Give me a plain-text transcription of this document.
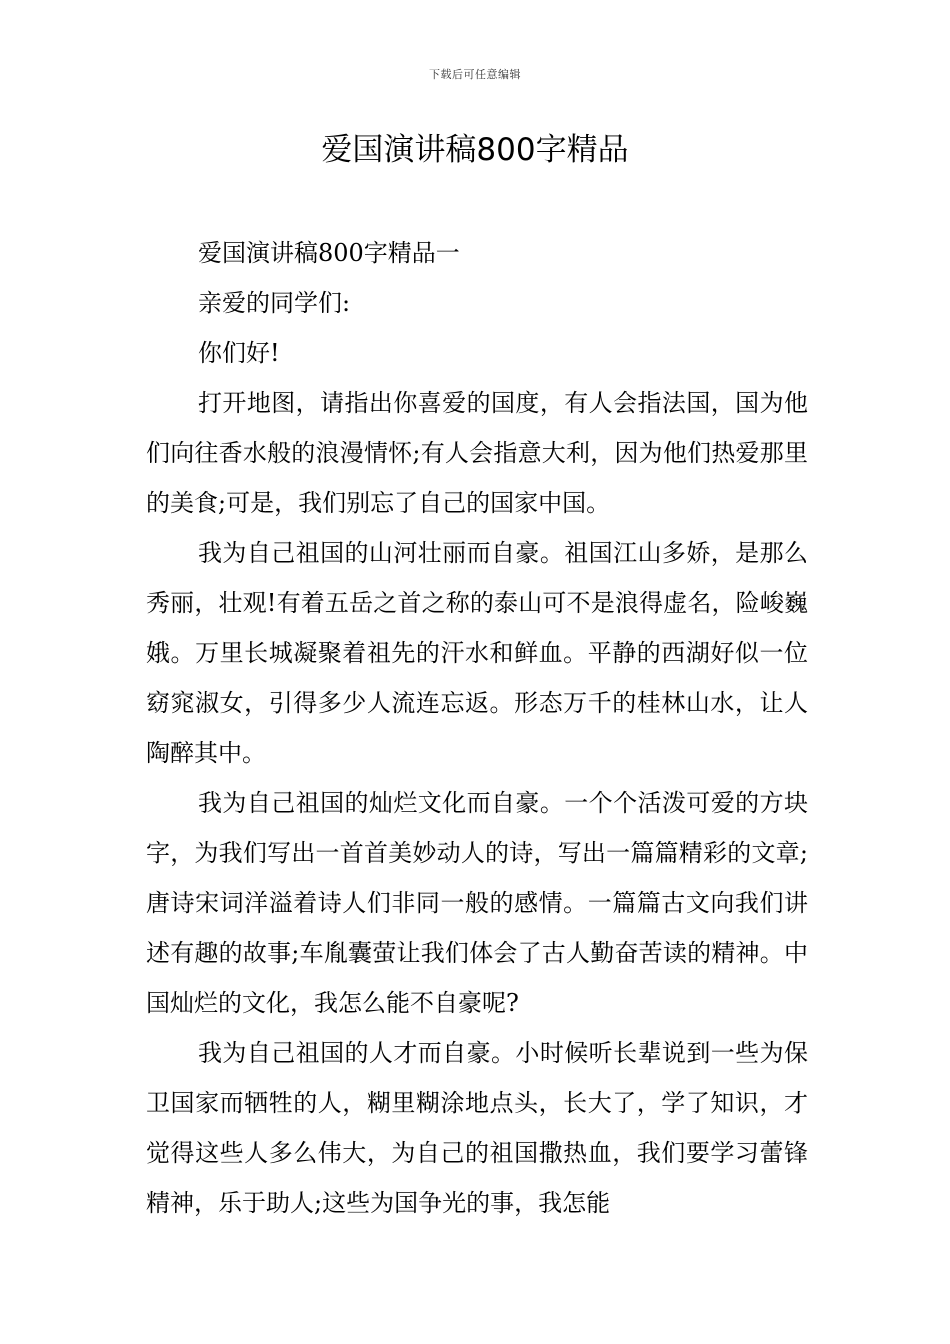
下载后可任意编辑
爱国演讲稿800字精品

爱国演讲稿800字精品一

亲爱的同学们:

你们好!

打开地图，请指出你喜爱的国度，有人会指法国，国为他们向往香水般的浪漫情怀;有人会指意大利，因为他们热爱那里的美食;可是，我们别忘了自己的国家中国。

我为自己祖国的山河壮丽而自豪。祖国江山多娇，是那么秀丽，壮观!有着五岳之首之称的泰山可不是浪得虚名，险峻巍娥。万里长城凝聚着祖先的汗水和鲜血。平静的西湖好似一位窈窕淑女，引得多少人流连忘返。形态万千的桂林山水，让人陶醉其中。

我为自己祖国的灿烂文化而自豪。一个个活泼可爱的方块字，为我们写出一首首美妙动人的诗，写出一篇篇精彩的文章;唐诗宋词洋溢着诗人们非同一般的感情。一篇篇古文向我们讲述有趣的故事;车胤囊萤让我们体会了古人勤奋苦读的精神。中国灿烂的文化，我怎么能不自豪呢?

我为自己祖国的人才而自豪。小时候听长辈说到一些为保卫国家而牺牲的人，糊里糊涂地点头，长大了，学了知识，才觉得这些人多么伟大，为自己的祖国撒热血，我们要学习蕾锋精神，乐于助人;这些为国争光的事，我怎能
